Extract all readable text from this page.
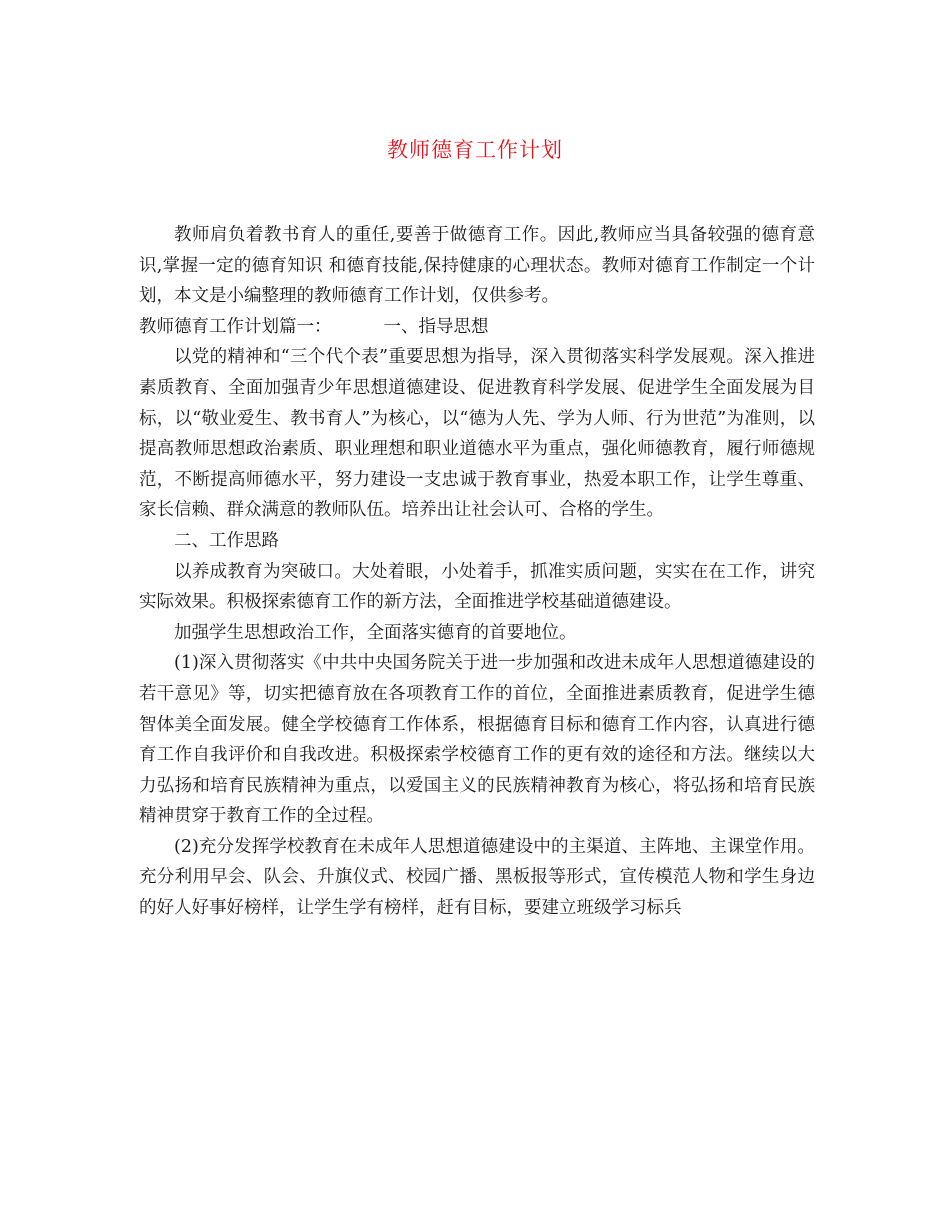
教师德育工作计划

教师肩负着教书育人的重任,要善于做德育工作。因此,教师应当具备较强的德育意识,掌握一定的德育知识 和德育技能,保持健康的心理状态。教师对德育工作制定一个计划，本文是小编整理的教师德育工作计划，仅供参考。

教师德育工作计划篇一：	一、指导思想

以党的精神和“三个代个表”重要思想为指导，深入贯彻落实科学发展观。深入推进素质教育、全面加强青少年思想道德建设、促进教育科学发展、促进学生全面发展为目标，以“敬业爱生、教书育人”为核心，以“德为人先、学为人师、行为世范”为准则，以提高教师思想政治素质、职业理想和职业道德水平为重点，强化师德教育，履行师德规范，不断提高师德水平，努力建设一支忠诚于教育事业，热爱本职工作，让学生尊重、家长信赖、群众满意的教师队伍。培养出让社会认可、合格的学生。

二、工作思路

以养成教育为突破口。大处着眼，小处着手，抓准实质问题，实实在在工作，讲究实际效果。积极探索德育工作的新方法，全面推进学校基础道德建设。

加强学生思想政治工作，全面落实德育的首要地位。

(1)深入贯彻落实《中共中央国务院关于进一步加强和改进未成年人思想道德建设的若干意见》等，切实把德育放在各项教育工作的首位，全面推进素质教育，促进学生德智体美全面发展。健全学校德育工作体系，根据德育目标和德育工作内容，认真进行德育工作自我评价和自我改进。积极探索学校德育工作的更有效的途径和方法。继续以大力弘扬和培育民族精神为重点，以爱国主义的民族精神教育为核心，将弘扬和培育民族精神贯穿于教育工作的全过程。

(2)充分发挥学校教育在未成年人思想道德建设中的主渠道、主阵地、主课堂作用。充分利用早会、队会、升旗仪式、校园广播、黑板报等形式，宣传模范人物和学生身边的好人好事好榜样，让学生学有榜样，赶有目标，要建立班级学习标兵
